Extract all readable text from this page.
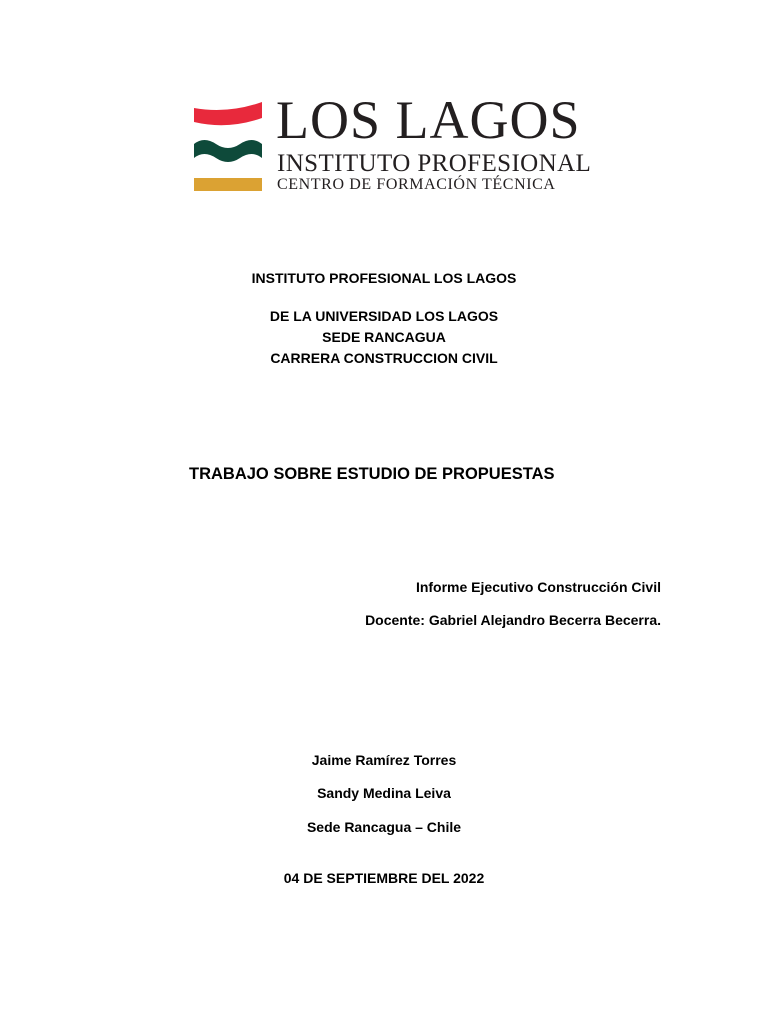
LOS LAGOS
INSTITUTO PROFESIONAL
CENTRO DE FORMACIÓN TÉCNICA
INSTITUTO PROFESIONAL LOS LAGOS
DE LA UNIVERSIDAD LOS LAGOS
SEDE RANCAGUA
CARRERA CONSTRUCCION CIVIL
TRABAJO SOBRE ESTUDIO DE PROPUESTAS
Informe Ejecutivo Construcción Civil
Docente: Gabriel Alejandro Becerra Becerra.
Jaime Ramírez Torres
Sandy Medina Leiva
Sede Rancagua – Chile
04 DE SEPTIEMBRE DEL 2022
